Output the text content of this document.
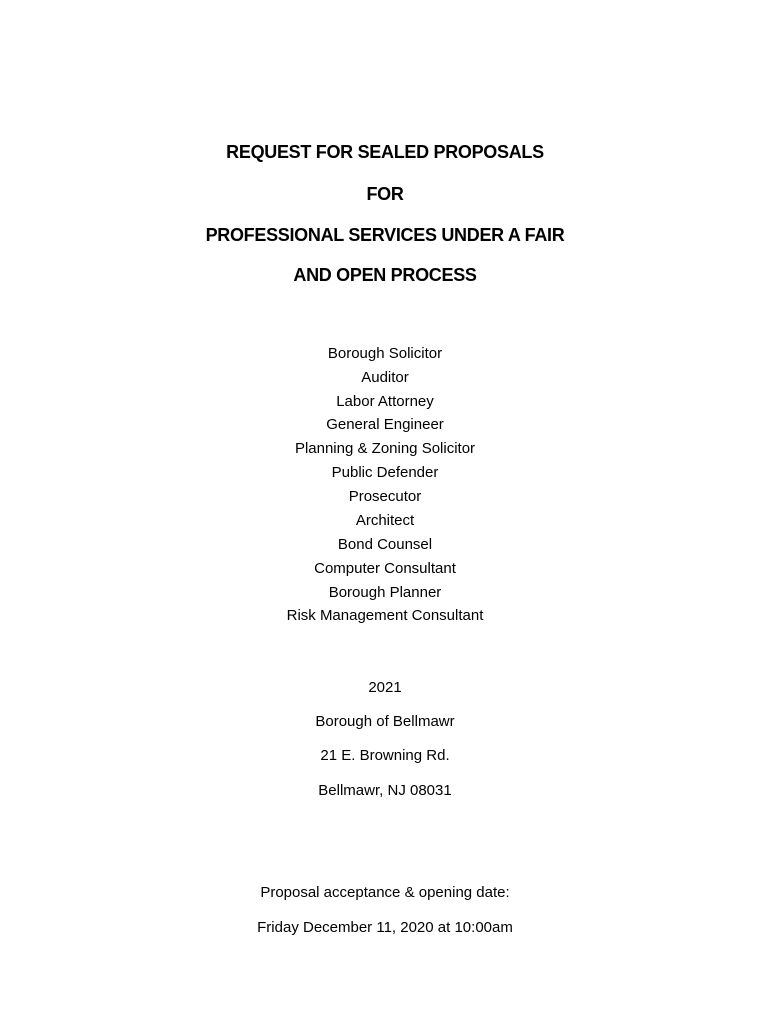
REQUEST FOR SEALED PROPOSALS
FOR
PROFESSIONAL SERVICES UNDER A FAIR
AND OPEN PROCESS
Borough Solicitor
Auditor
Labor Attorney
General Engineer
Planning & Zoning Solicitor
Public Defender
Prosecutor
Architect
Bond Counsel
Computer Consultant
Borough Planner
Risk Management Consultant
2021
Borough of Bellmawr
21 E. Browning Rd.
Bellmawr, NJ 08031
Proposal acceptance & opening date:
Friday December 11, 2020 at 10:00am
